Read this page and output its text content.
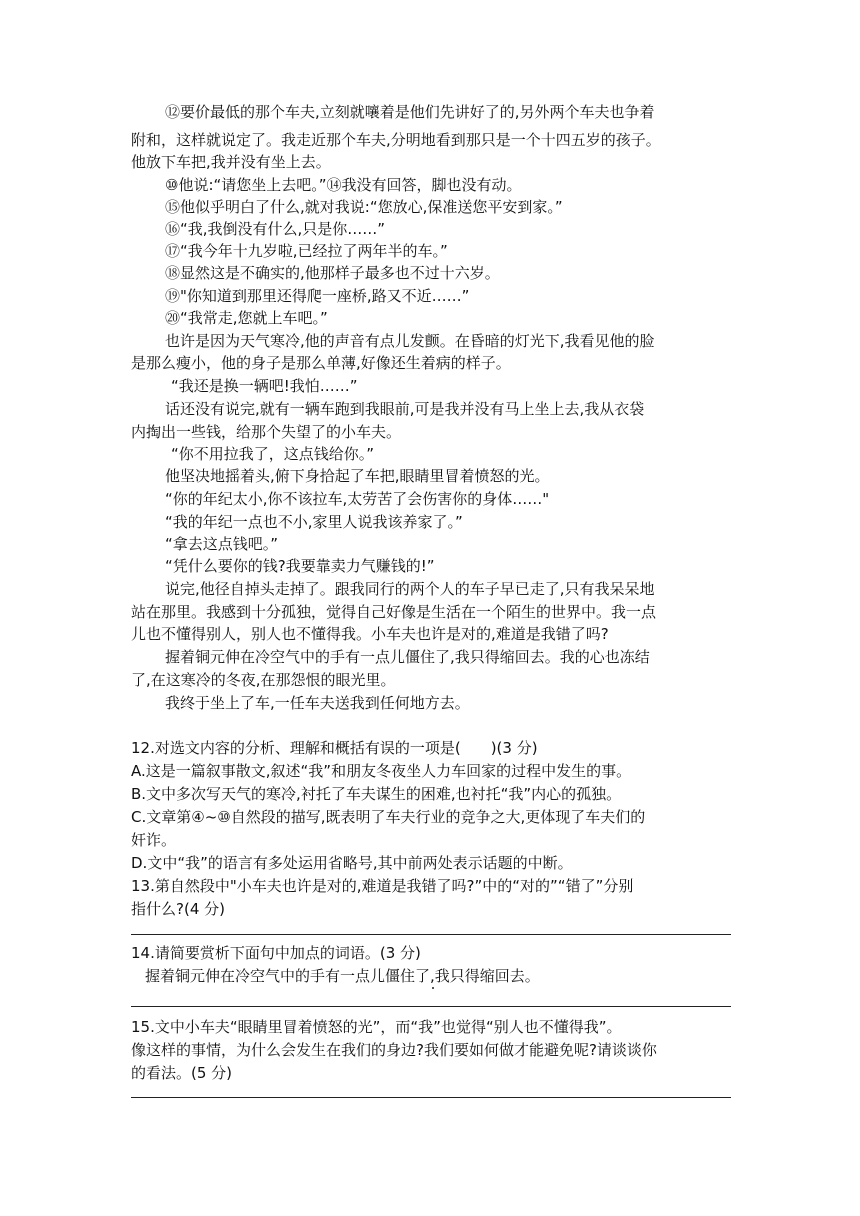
⑫要价最低的那个车夫,立刻就嚷着是他们先讲好了的,另外两个车夫也争着
附和，这样就说定了。我走近那个车夫,分明地看到那只是一个十四五岁的孩子。
他放下车把,我并没有坐上去。
⑩他说:“请您坐上去吧。”⑭我没有回答，脚也没有动。
⑮他似乎明白了什么,就对我说:“您放心,保准送您平安到家。”
⑯“我,我倒没有什么,只是你……”
⑰“我今年十九岁啦,已经拉了两年半的车。”
⑱显然这是不确实的,他那样子最多也不过十六岁。
⑲"你知道到那里还得爬一座桥,路又不近……”
⑳“我常走,您就上车吧。”
也许是因为天气寒冷,他的声音有点儿发颤。在昏暗的灯光下,我看见他的脸
是那么瘦小，他的身子是那么单薄,好像还生着病的样子。
“我还是换一辆吧!我怕……”
话还没有说完,就有一辆车跑到我眼前,可是我并没有马上坐上去,我从衣袋
内掏出一些钱，给那个失望了的小车夫。
“你不用拉我了，这点钱给你。”
他坚决地摇着头,俯下身拾起了车把,眼睛里冒着愤怒的光。
“你的年纪太小,你不该拉车,太劳苦了会伤害你的身体……"
“我的年纪一点也不小,家里人说我该养家了。”
“拿去这点钱吧。”
“凭什么要你的钱?我要靠卖力气赚钱的!”
说完,他径自掉头走掉了。跟我同行的两个人的车子早已走了,只有我呆呆地
站在那里。我感到十分孤独，觉得自己好像是生活在一个陌生的世界中。我一点
儿也不懂得别人，别人也不懂得我。小车夫也许是对的,难道是我错了吗?
握着铜元伸在冷空气中的手有一点儿僵住了,我只得缩回去。我的心也冻结
了,在这寒冷的冬夜,在那怨恨的眼光里。
我终于坐上了车,一任车夫送我到任何地方去。
12.对选文内容的分析、理解和概括有误的一项是(　　)(3 分)
A.这是一篇叙事散文,叙述“我”和朋友冬夜坐人力车回家的过程中发生的事。
B.文中多次写天气的寒冷,衬托了车夫谋生的困难,也衬托“我”内心的孤独。
C.文章第④~⑩自然段的描写,既表明了车夫行业的竞争之大,更体现了车夫们的
奸诈。
D.文中“我”的语言有多处运用省略号,其中前两处表示话题的中断。
13.第自然段中"小车夫也许是对的,难道是我错了吗?”中的“对的”“错了”分别
指什么?(4 分)
14.请简要赏析下面句中加点的词语。(3 分)
握着铜元伸在冷空气中的手有一点儿僵住了,我只得缩回去。
15.文中小车夫“眼睛里冒着愤怒的光”，而“我”也觉得“别人也不懂得我”。
像这样的事情，为什么会发生在我们的身边?我们要如何做才能避免呢?请谈谈你
的看法。(5 分)
